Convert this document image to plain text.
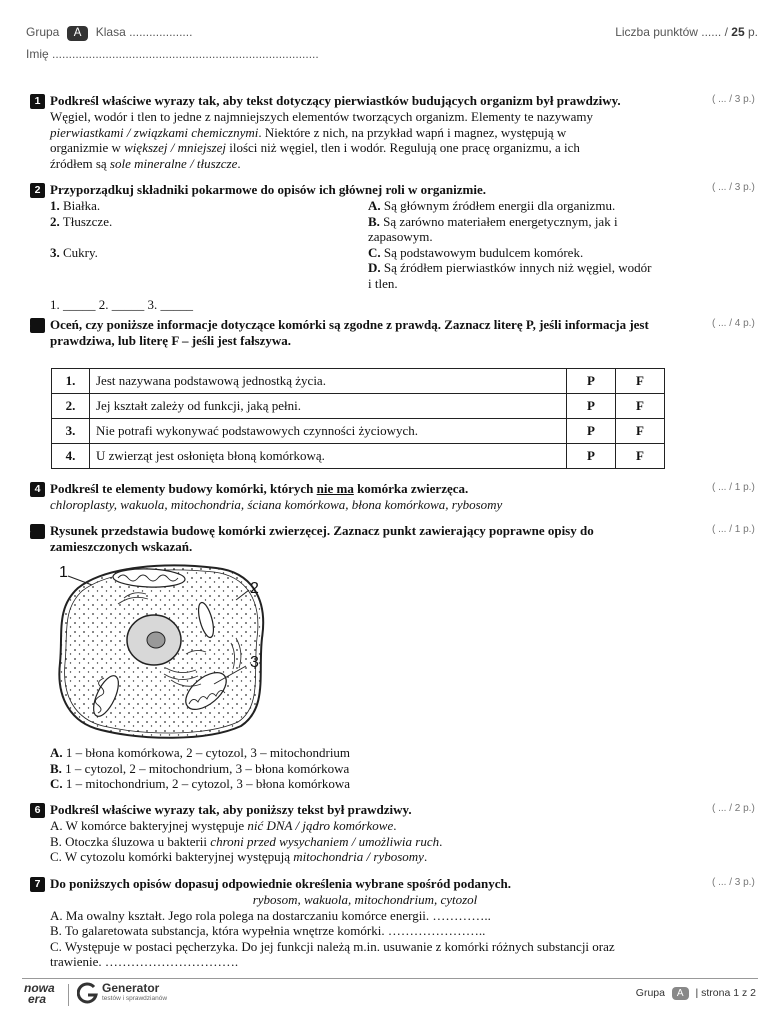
Grupa A Klasa ...................
Imię ................................................................................
Liczba punktów ...... / 25 p.
1 Podkreśl właściwe wyrazy tak, aby tekst dotyczący pierwiastków budujących organizm był prawdziwy.
Węgiel, wodór i tlen to jedne z najmniejszych elementów tworzących organizm. Elementy te nazywamy
pierwiastkami / związkami chemicznymi. Niektóre z nich, na przykład wapń i magnez, występują w
organizmie w większej / mniejszej ilości niż węgiel, tlen i wodór. Regulują one pracę organizmu, a ich
źródłem są sole mineralne / tłuszcze.
( ... / 3 p.)
2 Przyporządkuj składniki pokarmowe do opisów ich głównej roli w organizmie.
1. Białka.
2. Tłuszcze.
3. Cukry.
A. Są głównym źródłem energii dla organizmu.
B. Są zarówno materiałem energetycznym, jak i zapasowym.
C. Są podstawowym budulcem komórek.
D. Są źródłem pierwiastków innych niż węgiel, wodór i tlen.
1. _____ 2. _____ 3. _____
( ... / 3 p.)
3 Oceń, czy poniższe informacje dotyczące komórki są zgodne z prawdą. Zaznacz literę P, jeśli informacja jest prawdziwa, lub literę F – jeśli jest fałszywa.
( ... / 4 p.)
1.	Jest nazywana podstawową jednostką życia.	P	F
2.	Jej kształt zależy od funkcji, jaką pełni.	P	F
3.	Nie potrafi wykonywać podstawowych czynności życiowych.	P	F
4.	U zwierząt jest osłonięta błoną komórkową.	P	F
4 Podkreśl te elementy budowy komórki, których nie ma komórka zwierzęca.
chloroplasty, wakuola, mitochondria, ściana komórkowa, błona komórkowa, rybosomy
( ... / 1 p.)
5 Rysunek przedstawia budowę komórki zwierzęcej. Zaznacz punkt zawierający poprawne opisy do zamieszczonych wskazań.
( ... / 1 p.)
1
2
3
A. 1 – błona komórkowa, 2 – cytozol, 3 – mitochondrium
B. 1 – cytozol, 2 – mitochondrium, 3 – błona komórkowa
C. 1 – mitochondrium, 2 – cytozol, 3 – błona komórkowa
6 Podkreśl właściwe wyrazy tak, aby poniższy tekst był prawdziwy.
A. W komórce bakteryjnej występuje nić DNA / jądro komórkowe.
B. Otoczka śluzowa u bakterii chroni przed wysychaniem / umożliwia ruch.
C. W cytozolu komórki bakteryjnej występują mitochondria / rybosomy.
( ... / 2 p.)
7 Do poniższych opisów dopasuj odpowiednie określenia wybrane spośród podanych.
rybosom, wakuola, mitochondrium, cytozol
A. Ma owalny kształt. Jego rola polega na dostarczaniu komórce energii. …………..
B. To galaretowata substancja, która wypełnia wnętrze komórki. …………………..
C. Występuje w postaci pęcherzyka. Do jej funkcji należą m.in. usuwanie z komórki różnych substancji oraz
trawienie. ………………………….
( ... / 3 p.)
nowa
era
Generator
testów i sprawdzianów	Grupa A | strona 1 z 2
